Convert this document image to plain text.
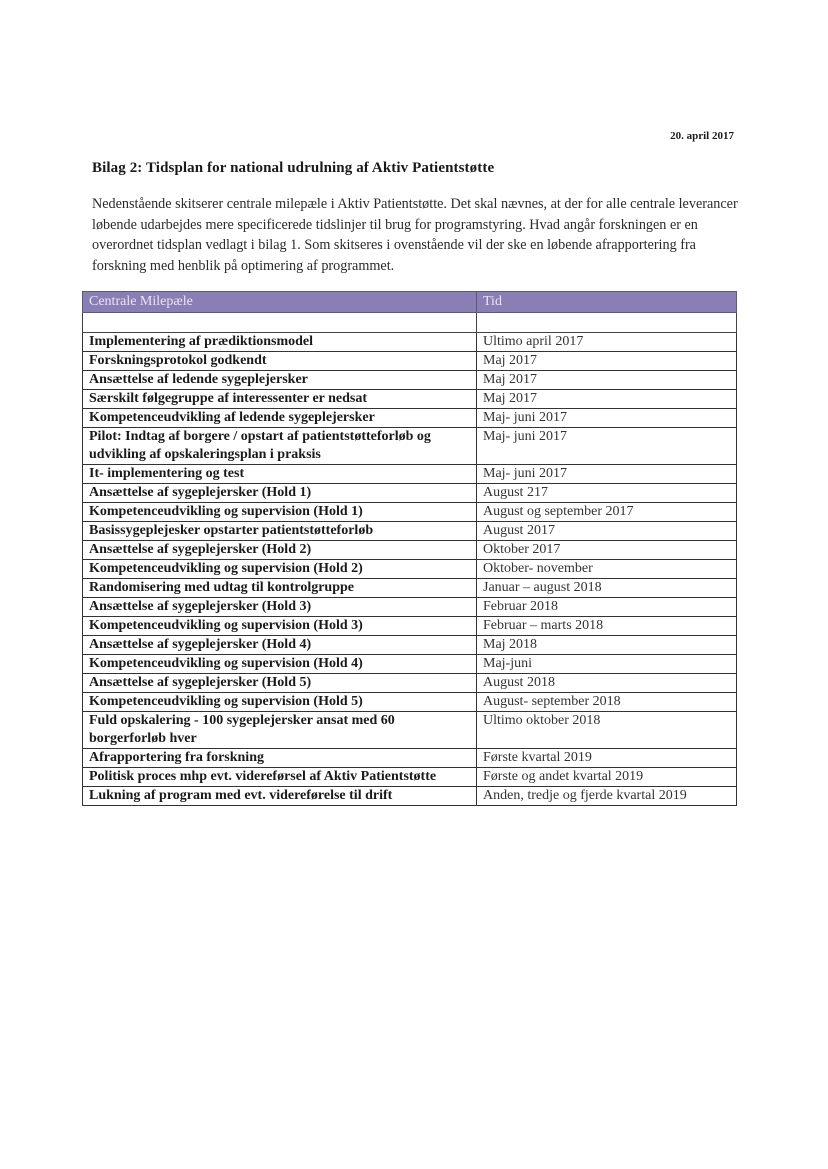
20. april 2017
Bilag 2: Tidsplan for national udrulning af Aktiv Patientstøtte
Nedenstående skitserer centrale milepæle i Aktiv Patientstøtte. Det skal nævnes, at der for alle centrale leverancer løbende udarbejdes mere specificerede tidslinjer til brug for programstyring. Hvad angår forskningen er en overordnet tidsplan vedlagt i bilag 1. Som skitseres i ovenstående vil der ske en løbende afrapportering fra forskning med henblik på optimering af programmet.
Centrale Milepæle	Tid

Implementering af prædiktionsmodel	Ultimo april 2017
Forskningsprotokol godkendt	Maj 2017
Ansættelse af ledende sygeplejersker	Maj 2017
Særskilt følgegruppe af interessenter er nedsat	Maj 2017
Kompetenceudvikling af ledende sygeplejersker	Maj- juni 2017
Pilot: Indtag af borgere / opstart af patientstøtteforløb og udvikling af opskaleringsplan i praksis	Maj- juni 2017
It- implementering og test	Maj- juni 2017
Ansættelse af sygeplejersker (Hold 1)	August 217
Kompetenceudvikling og supervision (Hold 1)	August og september 2017
Basissygeplejesker opstarter patientstøtteforløb	August 2017
Ansættelse af sygeplejersker (Hold 2)	Oktober 2017
Kompetenceudvikling og supervision (Hold 2)	Oktober- november
Randomisering med udtag til kontrolgruppe	Januar – august 2018
Ansættelse af sygeplejersker (Hold 3)	Februar 2018
Kompetenceudvikling og supervision (Hold 3)	Februar – marts 2018
Ansættelse af sygeplejersker (Hold 4)	Maj 2018
Kompetenceudvikling og supervision (Hold 4)	Maj-juni
Ansættelse af sygeplejersker (Hold 5)	August 2018
Kompetenceudvikling og supervision (Hold 5)	August- september 2018
Fuld opskalering - 100 sygeplejersker ansat med 60 borgerforløb hver	Ultimo oktober 2018
Afrapportering fra forskning	Første kvartal 2019
Politisk proces mhp evt. videreførsel af Aktiv Patientstøtte	Første og andet kvartal 2019
Lukning af program med evt. videreførelse til drift	Anden, tredje og fjerde kvartal 2019
